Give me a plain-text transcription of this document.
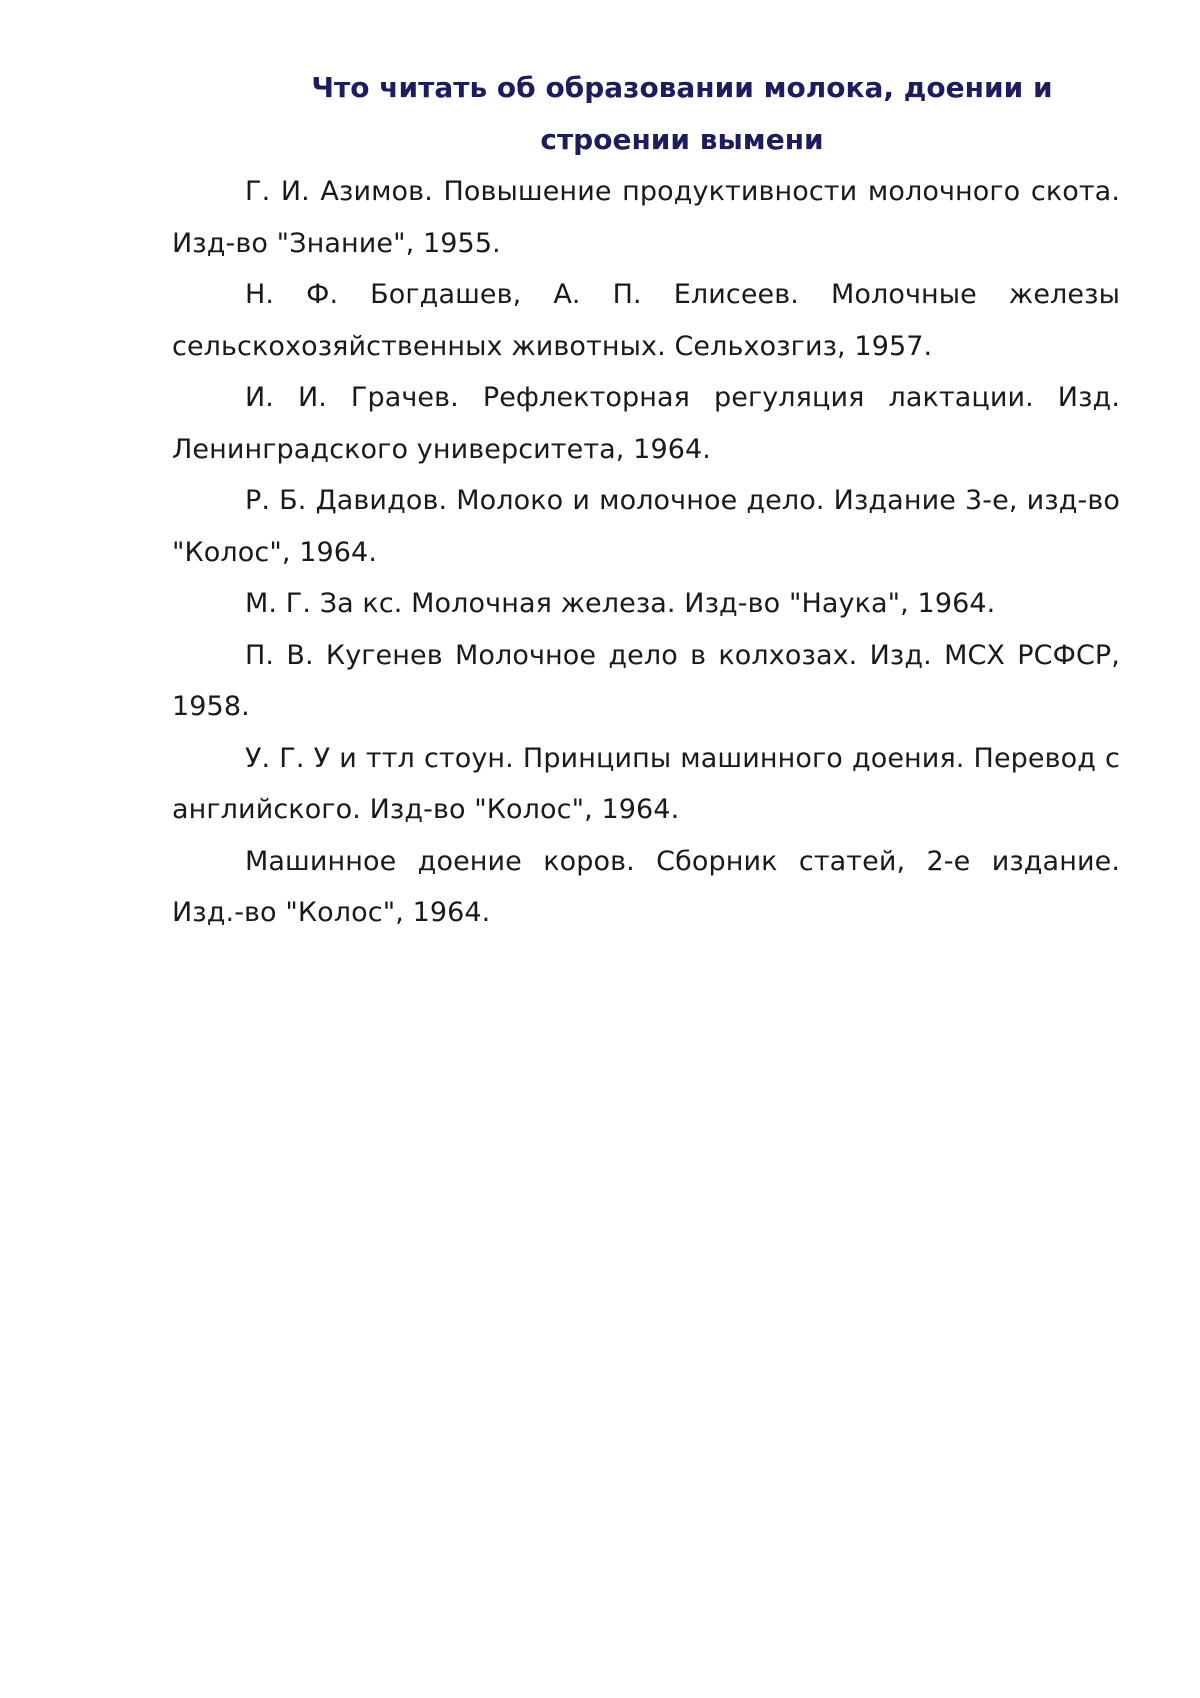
Что читать об образовании молока, доении и
строении вымени
Г. И. Азимов. Повышение продуктивности молочного скота. Изд-во "Знание", 1955.
Н. Ф. Богдашев, А. П. Елисеев. Молочные железы сельскохозяйственных животных. Сельхозгиз, 1957.
И. И. Грачев. Рефлекторная регуляция лактации. Изд. Ленинградского университета, 1964.
Р. Б. Давидов. Молоко и молочное дело. Издание 3-е, изд-во "Колос", 1964.
М. Г. За кс. Молочная железа. Изд-во "Наука", 1964.
П. В. Кугенев Молочное дело в колхозах. Изд. МСХ РСФСР, 1958.
У. Г. У и ттл стоун. Принципы машинного доения. Перевод с английского. Изд-во "Колос", 1964.
Машинное доение коров. Сборник статей, 2-е издание. Изд.-во "Колос", 1964.
